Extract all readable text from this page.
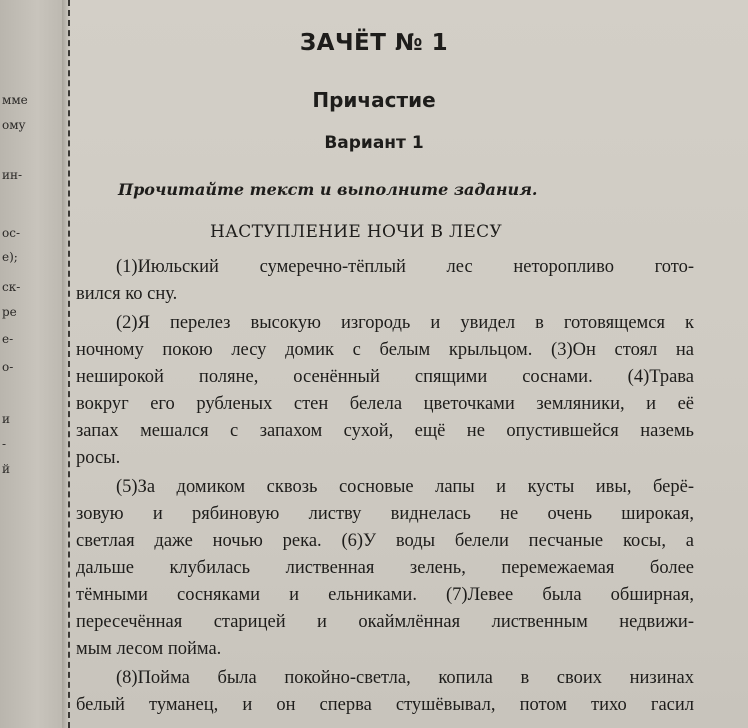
мме
ому
ин-
ос-
е);
ск-
ре
е-
о-
и
-
й
ЗАЧЁТ № 1
Причастие
Вариант 1
Прочитайте текст и выполните задания.
НАСТУПЛЕНИЕ НОЧИ В ЛЕСУ
(1)Июльский сумеречно-тёплый лес неторопливо гото-
вился ко сну.
(2)Я перелез высокую изгородь и увидел в готовящемся к
ночному покою лесу домик с белым крыльцом. (3)Он стоял на
неширокой поляне, осенённый спящими соснами. (4)Трава
вокруг его рубленых стен белела цветочками земляники, и её
запах мешался с запахом сухой, ещё не опустившейся наземь
росы.
(5)За домиком сквозь сосновые лапы и кусты ивы, берё-
зовую и рябиновую листву виднелась не очень широкая,
светлая даже ночью река. (6)У воды белели песчаные косы, а
дальше клубилась лиственная зелень, перемежаемая более
тёмными сосняками и ельниками. (7)Левее была обширная,
пересечённая старицей и окаймлённая лиственным недвижи-
мым лесом пойма.
(8)Пойма была покойно-светла, копила в своих низинах
белый туманец, и он сперва стушёвывал, потом тихо гасил
